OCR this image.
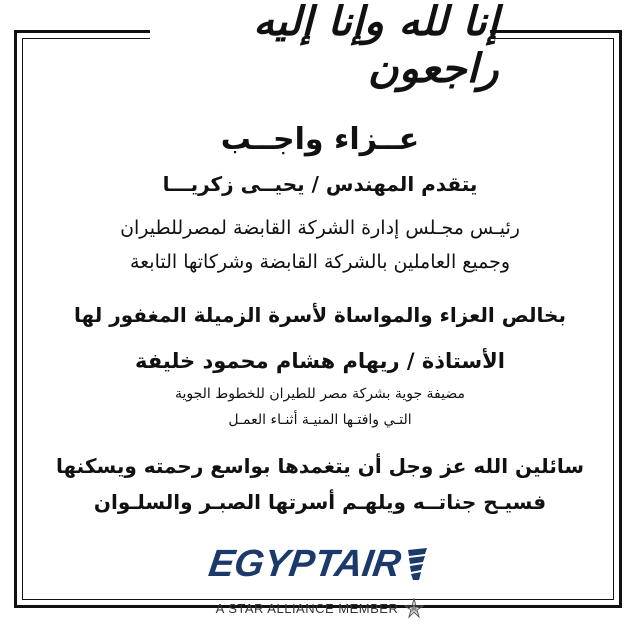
إنا لله وإنا إليه راجعون
عــزاء واجــب
يتقدم المهندس / يحيــى زكريـــا
رئيـس مجـلس إدارة الشركة القابضة لمصرللطيران
وجميع العاملين بالشركة القابضة وشركاتها التابعة
بخالص العزاء والمواساة لأسرة الزميلة المغفور لها
الأستاذة / ريهام هشام محمود خليفة
مضيفة جوية بشركة مصر للطيران للخطوط الجوية
التـي وافتـها المنيـة أثنـاء العمـل
سائلين الله عز وجل أن يتغمدها بواسع رحمته ويسكنها
فسيـح جناتــه ويلهـم أسرتها الصبـر والسلـوان
EGYPTAIR
A STAR ALLIANCE MEMBER
